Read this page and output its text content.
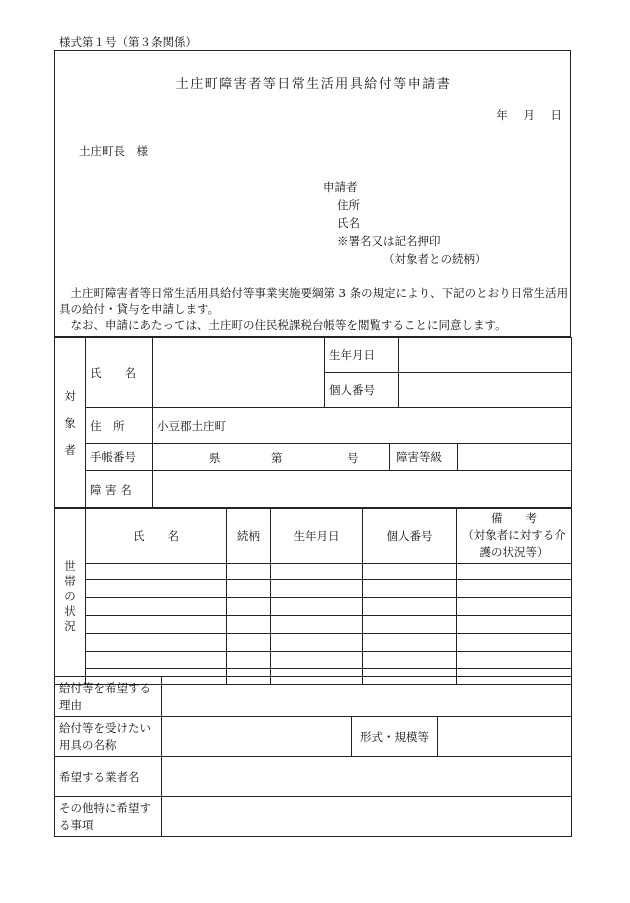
様式第１号（第３条関係）
土庄町障害者等日常生活用具給付等申請書
年 月 日
土庄町長　様
申請者
住所
氏名
※署名又は記名押印
（対象者との続柄）

土庄町障害者等日常生活用具給付等事業実施要綱第 3 条の規定により、下記のとおり日常生活用具の給付・貸与を申請します。

なお、申請にあたっては、土庄町の住民税課税台帳等を閲覧することに同意します。

対象者	氏　　名		生年月日	
			個人番号	
	住　所	小豆郡土庄町		
	手帳番号	県 第 号 障害等級		

	障 害 名			
世帯の状況	氏　　名	続柄	生年月日	個人番号	備　　考
（対象者に対する介護の状況等）

給付等を希望する理由			
給付等を受けたい用具の名称		形式・規模等	
希望する業者名			
その他特に希望する事項			
